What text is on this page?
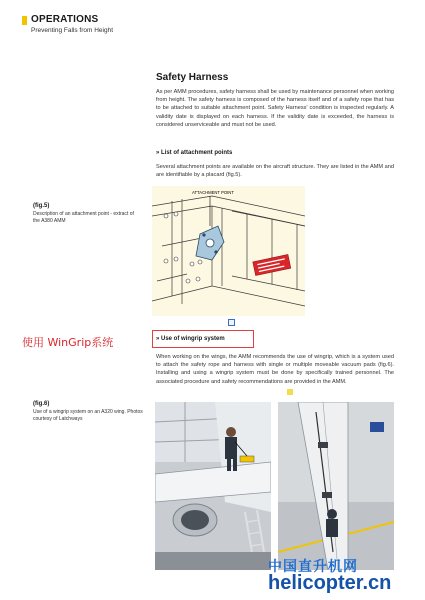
OPERATIONS
Preventing Falls from Height
Safety Harness
As per AMM procedures, safety harness shall be used by maintenance personnel when working from height. The safety harness is composed of the harness itself and of a safety rope that has to be attached to suitable attachment point. Safety Harness' condition is inspected regularly. A validity date is displayed on each harness. If the validity date is exceeded, the harness is considered unserviceable and must not be used.
» List of attachment points
Several attachment points are available on the aircraft structure. They are listed in the AMM and are identifiable by a placard (fig.5).
(fig.5)
Description of an attachment point - extract of the A380 AMM
ATTACHMENT POINT
使用 WinGrip系统	» Use of wingrip system
When working on the wings, the AMM recommends the use of wingrip, which is a system used to attach the safety rope and harness with single or multiple moveable vacuum pads (fig.6). Installing and using a wingrip system must be done by specifically trained personnel. The associated procedure and safety recommendations are provided in the AMM.
(fig.6)
Use of a wingrip system on an A320 wing. Photos courtesy of Latchways
中国直升机网
helicopter.cn
